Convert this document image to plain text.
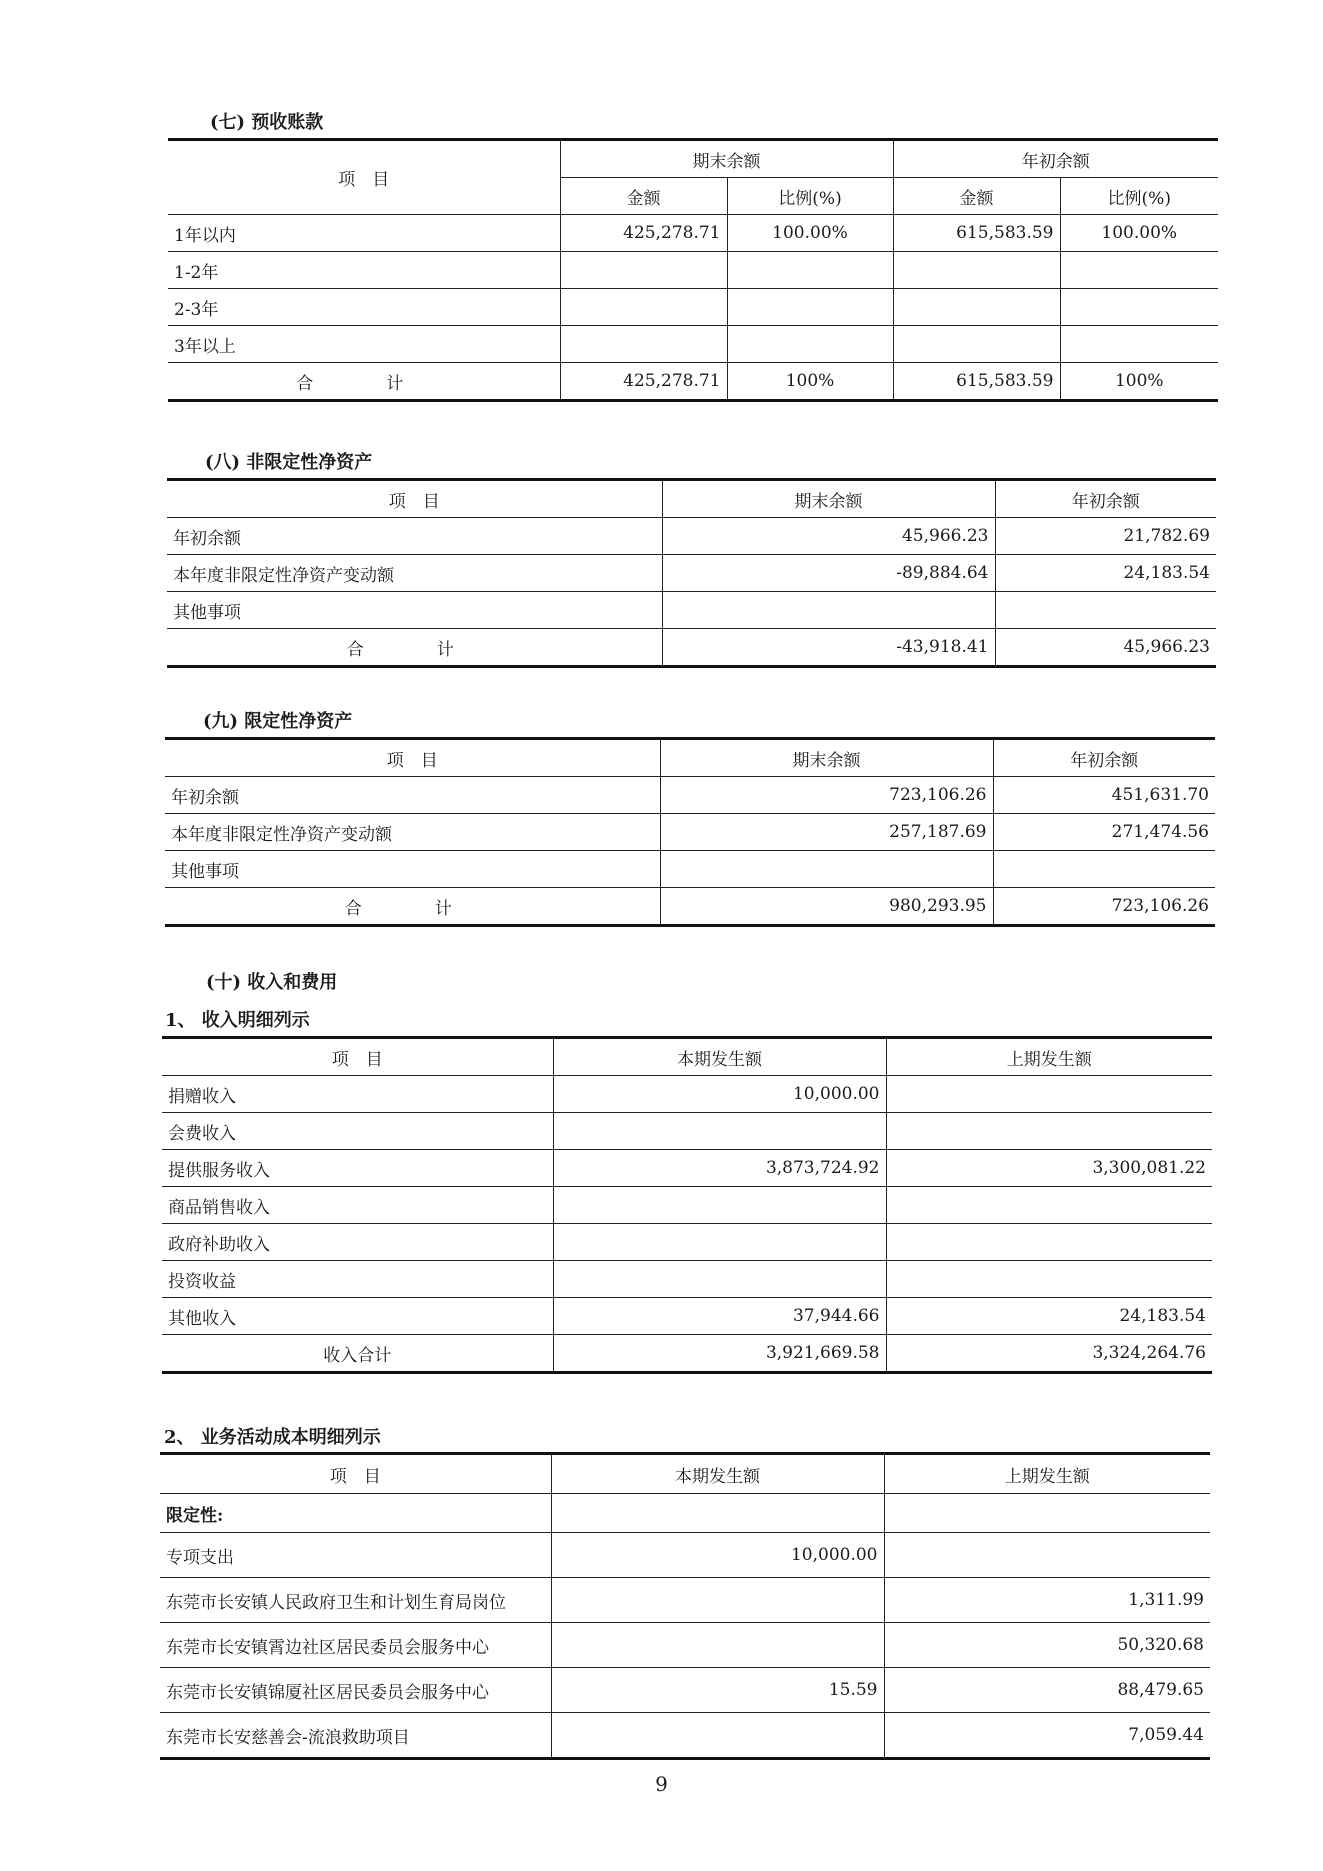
(七) 预收账款
项　目	期末余额		年初余额	
	金额	比例(%)	金额	比例(%)
1年以内	425,278.71	100.00%	615,583.59	100.00%
1-2年				
2-3年				
3年以上				
合　计	425,278.71	100%	615,583.59	100%
(八) 非限定性净资产
项　目	期末余额	年初余额
年初余额	45,966.23	21,782.69
本年度非限定性净资产变动额	-89,884.64	24,183.54
其他事项		
合　计	-43,918.41	45,966.23
(九) 限定性净资产
项　目	期末余额	年初余额
年初余额	723,106.26	451,631.70
本年度非限定性净资产变动额	257,187.69	271,474.56
其他事项		
合　计	980,293.95	723,106.26
(十) 收入和费用
1、 收入明细列示
项　目	本期发生额	上期发生额
捐赠收入	10,000.00	
会费收入		
提供服务收入	3,873,724.92	3,300,081.22
商品销售收入		
政府补助收入		
投资收益		
其他收入	37,944.66	24,183.54
收入合计	3,921,669.58	3,324,264.76
2、 业务活动成本明细列示
项　目	本期发生额	上期发生额
限定性:		
专项支出	10,000.00	
东莞市长安镇人民政府卫生和计划生育局岗位		1,311.99
东莞市长安镇霄边社区居民委员会服务中心		50,320.68
东莞市长安镇锦厦社区居民委员会服务中心	15.59	88,479.65
东莞市长安慈善会-流浪救助项目		7,059.44
9
